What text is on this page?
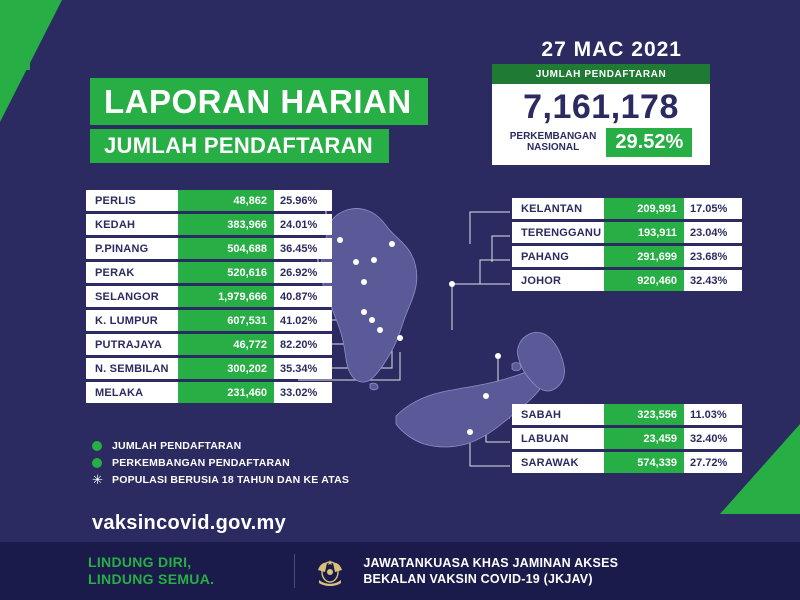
LAPORAN HARIAN
JUMLAH PENDAFTARAN
27 MAC 2021
JUMLAH PENDAFTARAN
7,161,178
PERKEMBANGAN
NASIONAL	29.52%
PERLIS	48,862	25.96%
KEDAH	383,966	24.01%
P.PINANG	504,688	36.45%
PERAK	520,616	26.92%
SELANGOR	1,979,666	40.87%
K. LUMPUR	607,531	41.02%
PUTRAJAYA	46,772	82.20%
N. SEMBILAN	300,202	35.34%
MELAKA	231,460	33.02%
KELANTAN	209,991	17.05%
TERENGGANU	193,911	23.04%
PAHANG	291,699	23.68%
JOHOR	920,460	32.43%
SABAH	323,556	11.03%
LABUAN	23,459	32.40%
SARAWAK	574,339	27.72%
JUMLAH PENDAFTARAN
PERKEMBANGAN PENDAFTARAN
✳ POPULASI BERUSIA 18 TAHUN DAN KE ATAS
vaksincovid.gov.my
LINDUNG DIRI,
LINDUNG SEMUA.
JAWATANKUASA KHAS JAMINAN AKSES
BEKALAN VAKSIN COVID-19 (JKJAV)
